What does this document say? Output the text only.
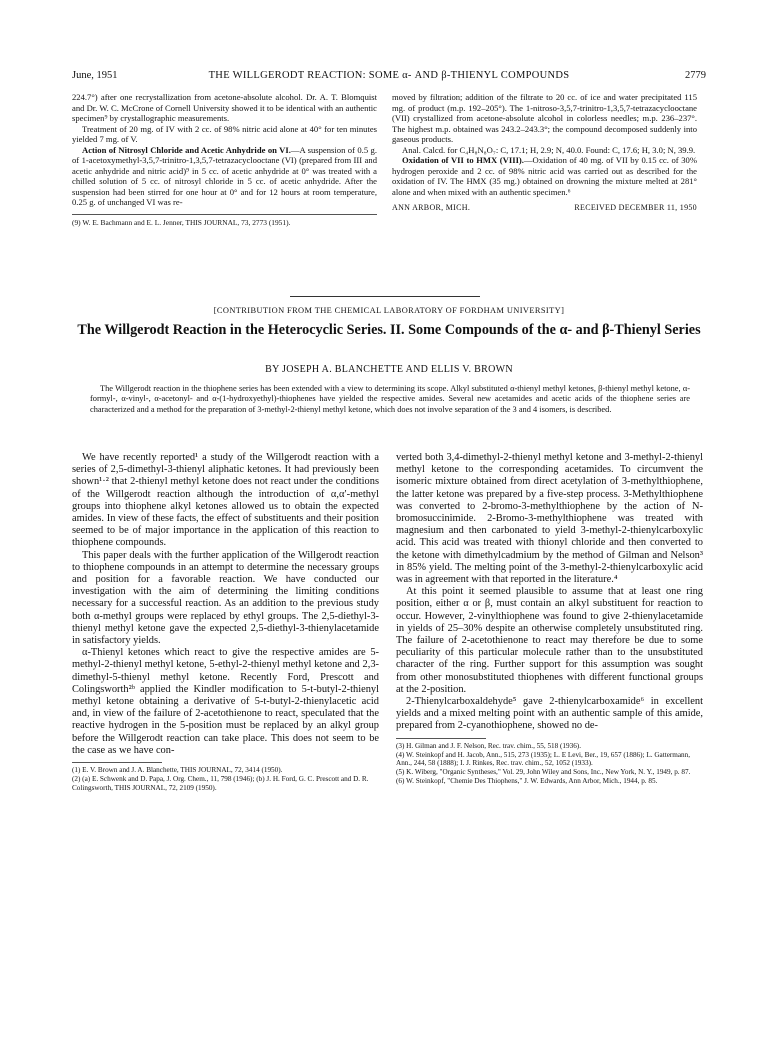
June, 1951	THE WILLGERODT REACTION: SOME α- AND β-THIENYL COMPOUNDS	2779

224.7°) after one recrystallization from acetone-absolute alcohol. Dr. A. T. Blomquist and Dr. W. C. McCrone of Cornell University showed it to be identical with an authentic specimen⁹ by crystallographic measurements.

Treatment of 20 mg. of IV with 2 cc. of 98% nitric acid alone at 40° for ten minutes yielded 7 mg. of V.

Action of Nitrosyl Chloride and Acetic Anhydride on VI.—A suspension of 0.5 g. of 1-acetoxymethyl-3,5,7-trinitro-1,3,5,7-tetrazacyclooctane (VI) (prepared from III and acetic anhydride and nitric acid)⁹ in 5 cc. of acetic anhydride at 0° was treated with a chilled solution of 5 cc. of nitrosyl chloride in 5 cc. of acetic anhydride. After the suspension had been stirred for one hour at 0° and for 12 hours at room temperature, 0.25 g. of unchanged VI was re-

(9) W. E. Bachmann and E. L. Jenner, THIS JOURNAL, 73, 2773 (1951).

moved by filtration; addition of the filtrate to 20 cc. of ice and water precipitated 115 mg. of product (m.p. 192–205°). The 1-nitroso-3,5,7-trinitro-1,3,5,7-tetrazacyclooctane (VII) crystallized from acetone-absolute alcohol in colorless needles; m.p. 236–237°. The highest m.p. obtained was 243.2–243.3°; the compound decomposed suddenly into gaseous products.

Anal. Calcd. for C₄H₈N₈O₇: C, 17.1; H, 2.9; N, 40.0. Found: C, 17.6; H, 3.0; N, 39.9.

Oxidation of VII to HMX (VIII).—Oxidation of 40 mg. of VII by 0.15 cc. of 30% hydrogen peroxide and 2 cc. of 98% nitric acid was carried out as described for the oxidation of IV. The HMX (35 mg.) obtained on drowning the mixture melted at 281° alone and when mixed with an authentic specimen.⁶

ANN ARBOR, MICH.	RECEIVED DECEMBER 11, 1950

[CONTRIBUTION FROM THE CHEMICAL LABORATORY OF FORDHAM UNIVERSITY]
The Willgerodt Reaction in the Heterocyclic Series. II. Some Compounds of the α- and β-Thienyl Series
BY JOSEPH A. BLANCHETTE AND ELLIS V. BROWN

The Willgerodt reaction in the thiophene series has been extended with a view to determining its scope. Alkyl substituted α-thienyl methyl ketones, β-thienyl methyl ketone, α-formyl-, α-vinyl-, α-acetonyl- and α-(1-hydroxyethyl)-thiophenes have yielded the respective amides. Several new acetamides and acetic acids of the thiophene series are characterized and a method for the preparation of 3-methyl-2-thienyl methyl ketone, which does not involve separation of the 3 and 4 isomers, is described.

We have recently reported¹ a study of the Willgerodt reaction with a series of 2,5-dimethyl-3-thienyl aliphatic ketones. It had previously been shown¹·² that 2-thienyl methyl ketone does not react under the conditions of the Willgerodt reaction although the introduction of α,α′-methyl groups into thiophene alkyl ketones allowed us to obtain the expected amides. In view of these facts, the effect of substituents and their position seemed to be of major importance in the application of this reaction to thiophene compounds.

This paper deals with the further application of the Willgerodt reaction to thiophene compounds in an attempt to determine the necessary groups and position for a favorable reaction. We have conducted our investigation with the aim of determining the limiting conditions necessary for a successful reaction. As an addition to the previous study both α-methyl groups were replaced by ethyl groups. The 2,5-diethyl-3-thienyl methyl ketone gave the expected 2,5-diethyl-3-thienylacetamide in satisfactory yields.

α-Thienyl ketones which react to give the respective amides are 5-methyl-2-thienyl methyl ketone, 5-ethyl-2-thienyl methyl ketone and 2,3-dimethyl-5-thienyl methyl ketone. Recently Ford, Prescott and Colingsworth²ᵇ applied the Kindler modification to 5-t-butyl-2-thienyl methyl ketone obtaining a derivative of 5-t-butyl-2-thienylacetic acid and, in view of the failure of 2-acetothienone to react, speculated that the reactive hydrogen in the 5-position must be replaced by an alkyl group before the Willgerodt reaction can take place. This does not seem to be the case as we have con-

(1) E. V. Brown and J. A. Blanchette, THIS JOURNAL, 72, 3414 (1950).

(2) (a) E. Schwenk and D. Papa, J. Org. Chem., 11, 798 (1946); (b) J. H. Ford, G. C. Prescott and D. R. Colingsworth, THIS JOURNAL, 72, 2109 (1950).

verted both 3,4-dimethyl-2-thienyl methyl ketone and 3-methyl-2-thienyl methyl ketone to the corresponding acetamides. To circumvent the isomeric mixture obtained from direct acetylation of 3-methylthiophene, the latter ketone was prepared by a five-step process. 3-Methylthiophene was converted to 2-bromo-3-methylthiophene by the action of N-bromosuccinimide. 2-Bromo-3-methylthiophene was treated with magnesium and then carbonated to yield 3-methyl-2-thienylcarboxylic acid. This acid was treated with thionyl chloride and then converted to the ketone with dimethylcadmium by the method of Gilman and Nelson³ in 85% yield. The melting point of the 3-methyl-2-thienylcarboxylic acid was in agreement with that reported in the literature.⁴

At this point it seemed plausible to assume that at least one ring position, either α or β, must contain an alkyl substituent for reaction to occur. However, 2-vinylthiophene was found to give 2-thienylacetamide in yields of 25–30% despite an otherwise completely unsubstituted ring. The failure of 2-acetothienone to react may therefore be due to some peculiarity of this particular molecule rather than to the unsubstituted character of the ring. Further support for this assumption was sought from other monosubstituted thiophenes with different functional groups at the 2-position.

2-Thienylcarboxaldehyde⁵ gave 2-thienylcarboxamide⁶ in excellent yields and a mixed melting point with an authentic sample of this amide, prepared from 2-cyanothiophene, showed no de-

(3) H. Gilman and J. F. Nelson, Rec. trav. chim., 55, 518 (1936).

(4) W. Steinkopf and H. Jacob, Ann., 515, 273 (1935); L. E Levi, Ber., 19, 657 (1886); L. Gattermann, Ann., 244, 58 (1888); I. J. Rinkes, Rec. trav. chim., 52, 1052 (1933).

(5) K. Wiberg, "Organic Syntheses," Vol. 29, John Wiley and Sons, Inc., New York, N. Y., 1949, p. 87.

(6) W. Steinkopf, "Chemie Des Thiophens," J. W. Edwards, Ann Arbor, Mich., 1944, p. 85.
